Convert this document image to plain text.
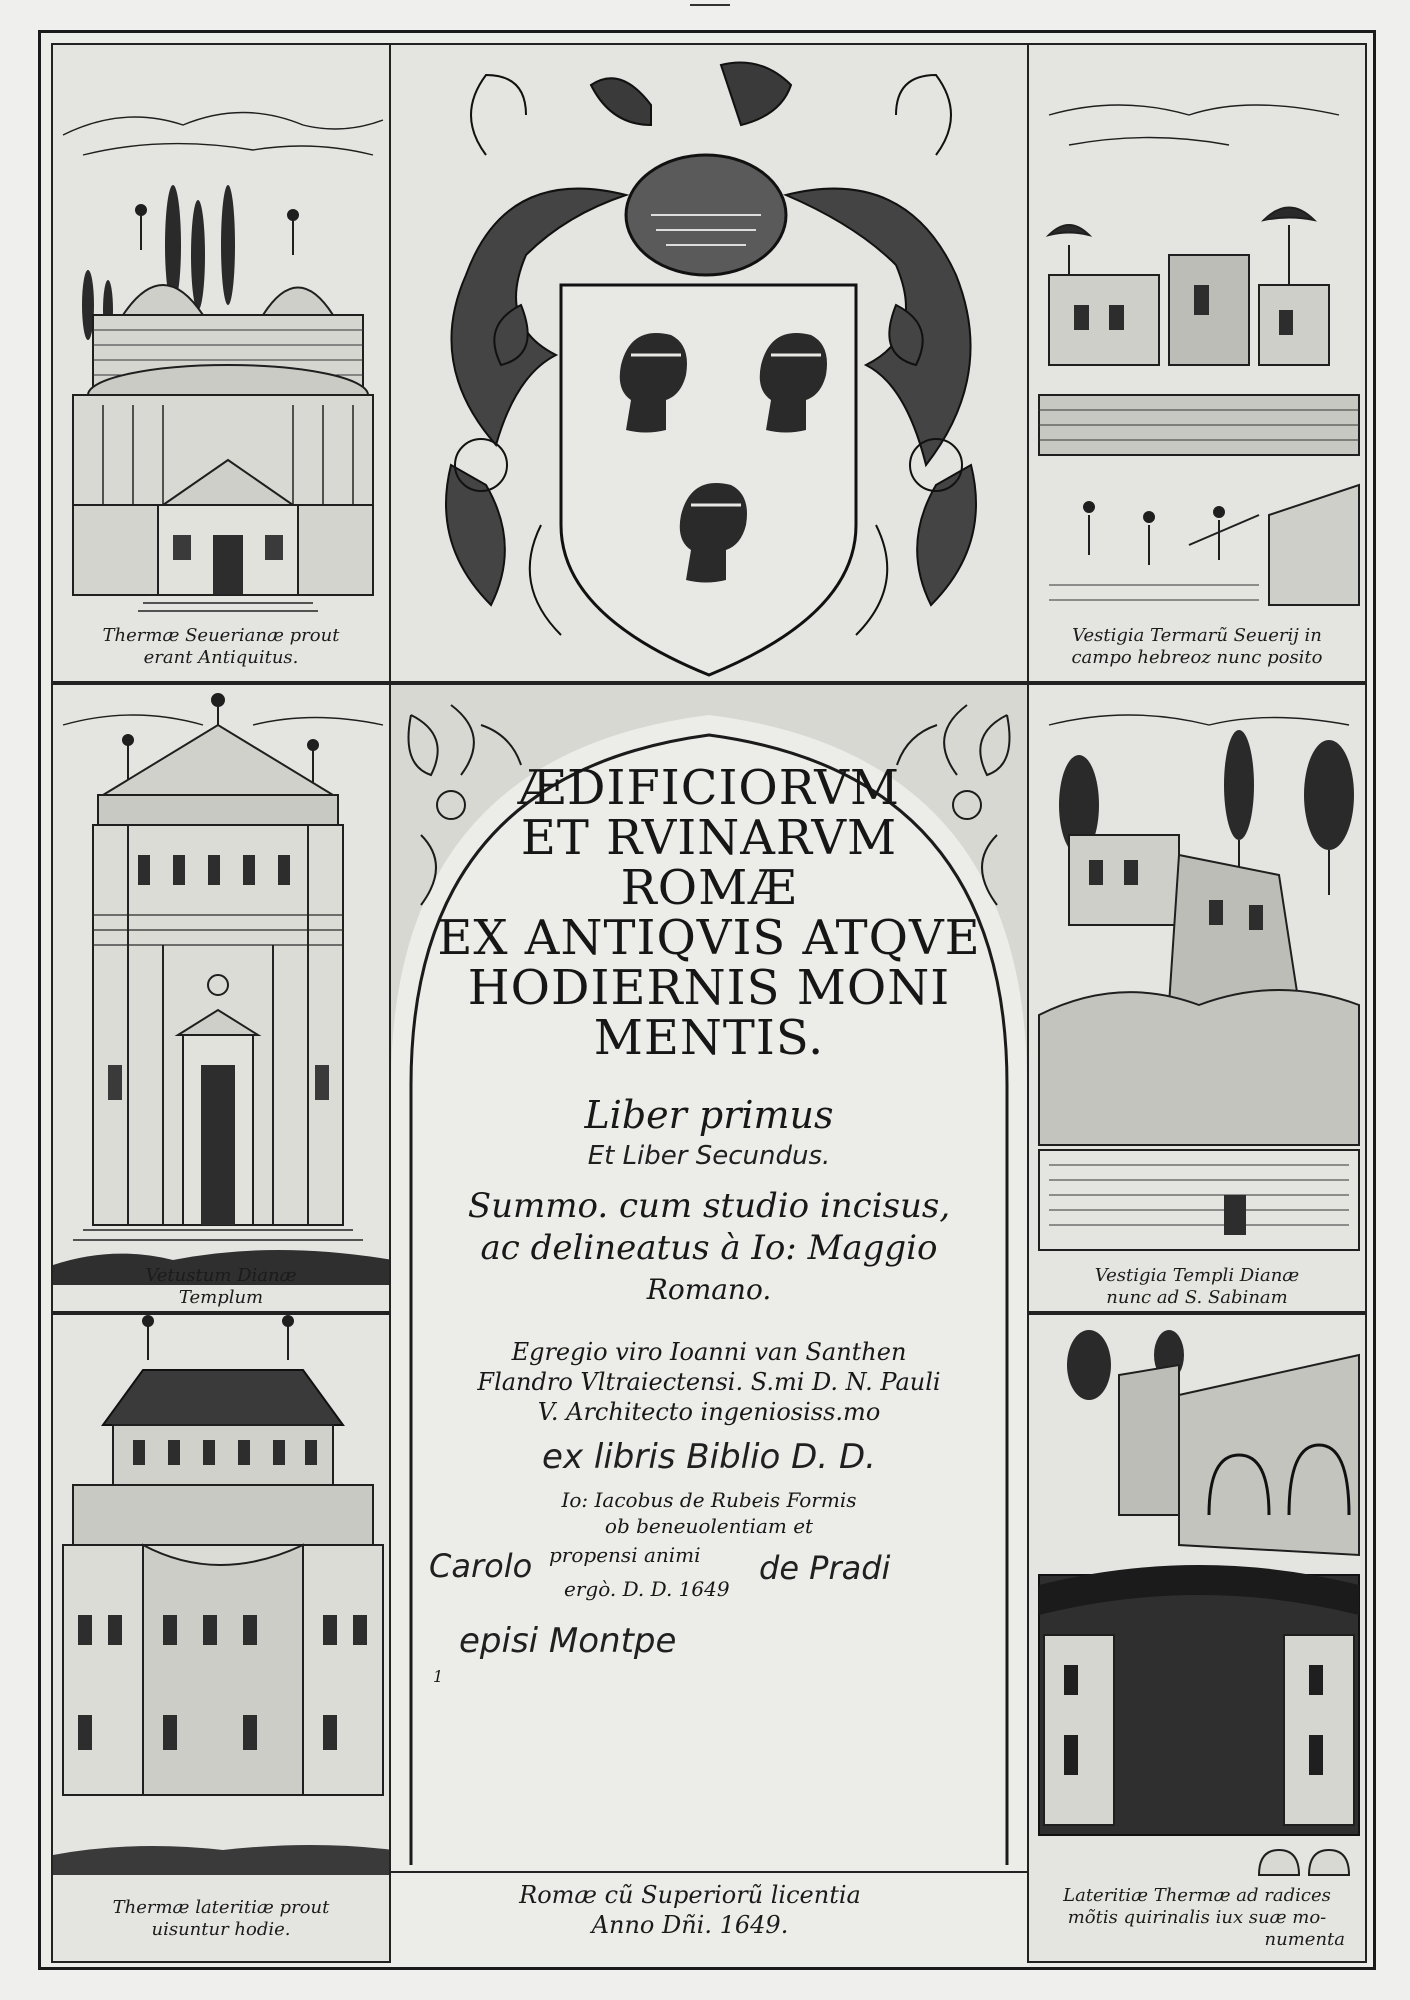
Thermæ Seuerianæ prout
erant Antiquitus.
Vestigia Termarũ Seuerij in
campo hebreoz nunc posito
Vetustum Dianæ
Templum
Vestigia Templi Dianæ
nunc ad S. Sabinam
Thermæ lateritiæ prout
uisuntur hodie.
Lateritiæ Thermæ ad radices
mõtis quirinalis iux suæ mo-
numenta
ÆDIFICIORVM
ET RVINARVM ROMÆ
EX ANTIQVIS ATQVE
HODIERNIS MONI
MENTIS.
Liber primus
Et Liber Secundus.
Summo. cum studio incisus,
ac delineatus à Io: Maggio
Romano.
Egregio viro Ioanni van Santhen
Flandro Vltraiectensi. S.mi D. N. Pauli
V. Architecto ingeniosiss.mo
ex libris Biblio D. D.
Io: Iacobus de Rubeis Formis
ob beneuolentiam et
Carolo propensi animi de Pradi
ergò. D. D. 1649
episi Montpe
1
Romæ cũ Superiorũ licentia
Anno Dñi. 1649.
